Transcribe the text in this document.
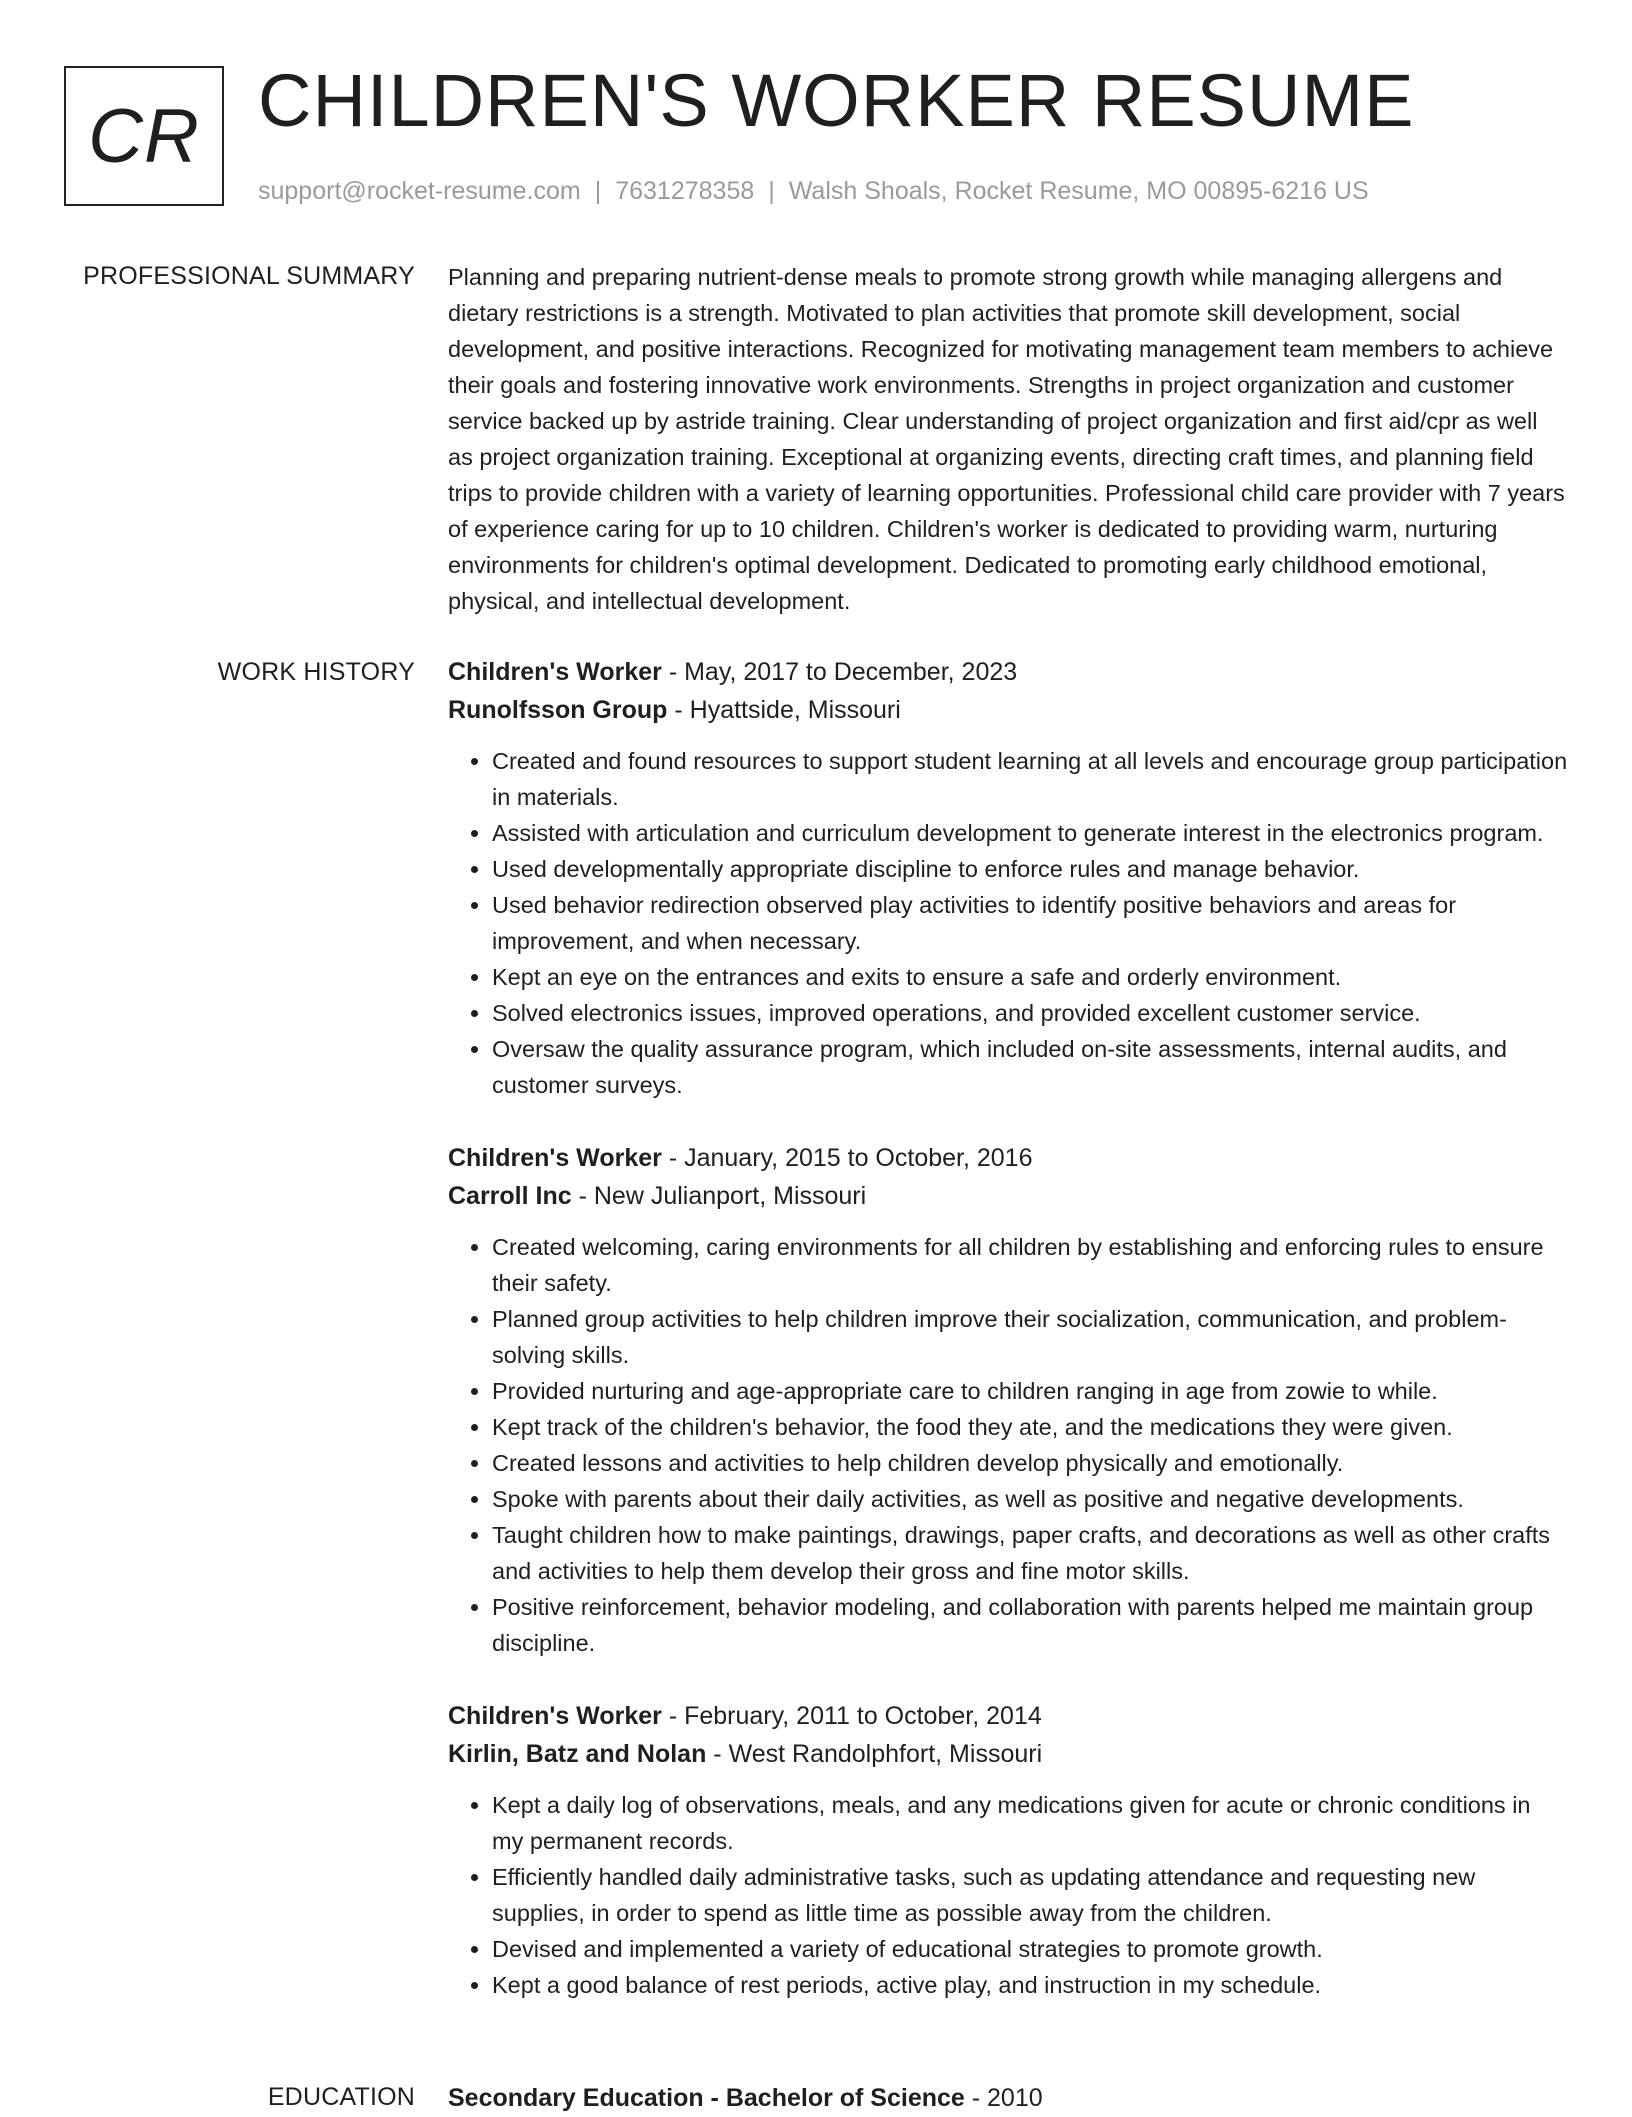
CR CHILDREN'S WORKER RESUME
support@rocket-resume.com | 7631278358 | Walsh Shoals, Rocket Resume, MO 00895-6216 US
PROFESSIONAL SUMMARY Planning and preparing nutrient-dense meals to promote strong growth while managing allergens and dietary restrictions is a strength. Motivated to plan activities that promote skill development, social development, and positive interactions. Recognized for motivating management team members to achieve their goals and fostering innovative work environments. Strengths in project organization and customer service backed up by astride training. Clear understanding of project organization and first aid/cpr as well as project organization training. Exceptional at organizing events, directing craft times, and planning field trips to provide children with a variety of learning opportunities. Professional child care provider with 7 years of experience caring for up to 10 children. Children's worker is dedicated to providing warm, nurturing environments for children's optimal development. Dedicated to promoting early childhood emotional, physical, and intellectual development.

WORK HISTORY Children's Worker - May, 2017 to December, 2023
Runolfsson Group - Hyattside, Missouri
• Created and found resources to support student learning at all levels and encourage group participation in materials.
• Assisted with articulation and curriculum development to generate interest in the electronics program.
• Used developmentally appropriate discipline to enforce rules and manage behavior.
• Used behavior redirection observed play activities to identify positive behaviors and areas for improvement, and when necessary.
• Kept an eye on the entrances and exits to ensure a safe and orderly environment.
• Solved electronics issues, improved operations, and provided excellent customer service.
• Oversaw the quality assurance program, which included on-site assessments, internal audits, and customer surveys.
Children's Worker - January, 2015 to October, 2016
Carroll Inc - New Julianport, Missouri
• Created welcoming, caring environments for all children by establishing and enforcing rules to ensure their safety.
• Planned group activities to help children improve their socialization, communication, and problem-solving skills.
• Provided nurturing and age-appropriate care to children ranging in age from zowie to while.
• Kept track of the children's behavior, the food they ate, and the medications they were given.
• Created lessons and activities to help children develop physically and emotionally.
• Spoke with parents about their daily activities, as well as positive and negative developments.
• Taught children how to make paintings, drawings, paper crafts, and decorations as well as other crafts and activities to help them develop their gross and fine motor skills.
• Positive reinforcement, behavior modeling, and collaboration with parents helped me maintain group discipline.
Children's Worker - February, 2011 to October, 2014
Kirlin, Batz and Nolan - West Randolphfort, Missouri
• Kept a daily log of observations, meals, and any medications given for acute or chronic conditions in my permanent records.
• Efficiently handled daily administrative tasks, such as updating attendance and requesting new supplies, in order to spend as little time as possible away from the children.
• Devised and implemented a variety of educational strategies to promote growth.
• Kept a good balance of rest periods, active play, and instruction in my schedule.
EDUCATION Secondary Education - Bachelor of Science - 2010
